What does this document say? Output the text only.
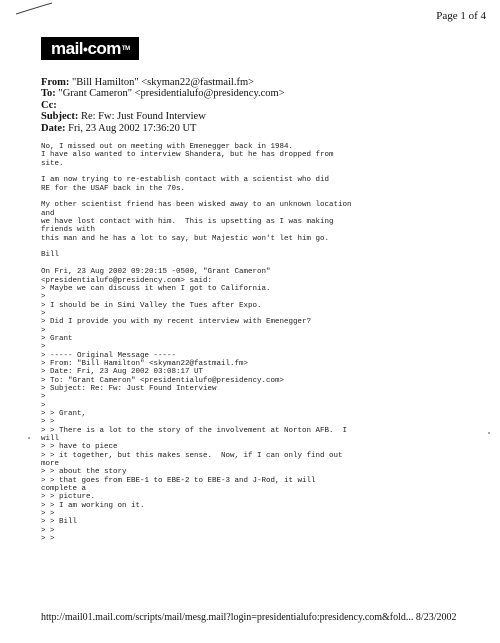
Page 1 of 4
mail • com TM
From: "Bill Hamilton" <skyman22@fastmail.fm>
To: "Grant Cameron" <presidentialufo@presidency.com>
Cc:
Subject: Re: Fw: Just Found Interview
Date: Fri, 23 Aug 2002 17:36:20 UT
No, I missed out on meeting with Emenegger back in 1984.
I have also wanted to interview Shandera, but he has dropped from
site.

I am now trying to re-establish contact with a scientist who did
RE for the USAF back in the 70s.

My other scientist friend has been wisked away to an unknown location
and
we have lost contact with him.  This is upsetting as I was making
friends with
this man and he has a lot to say, but Majestic won't let him go.

Bill

On Fri, 23 Aug 2002 09:20:15 -0500, "Grant Cameron"
<presidentialufo@presidency.com> said:
> Maybe we can discuss it when I got to California.
>
> I should be in Simi Valley the Tues after Expo.
>
> Did I provide you with my recent interview with Emenegger?
>
> Grant
>
> ----- Original Message -----
> From: "Bill Hamilton" <skyman22@fastmail.fm>
> Date: Fri, 23 Aug 2002 03:08:17 UT
> To: "Grant Cameron" <presidentialufo@presidency.com>
> Subject: Re: Fw: Just Found Interview
>
>
> > Grant,
> >
> > There is a lot to the story of the involvement at Norton AFB.  I
will
> > have to piece
> > it together, but this makes sense.  Now, if I can only find out
more
> > about the story
> > that goes from EBE-1 to EBE-2 to EBE-3 and J-Rod, it will
complete a
> > picture.
> > I am working on it.
> >
> > Bill
> >
> >
http://mail01.mail.com/scripts/mail/mesg.mail?login=presidentialufo:presidency.com&fold... 8/23/2002
